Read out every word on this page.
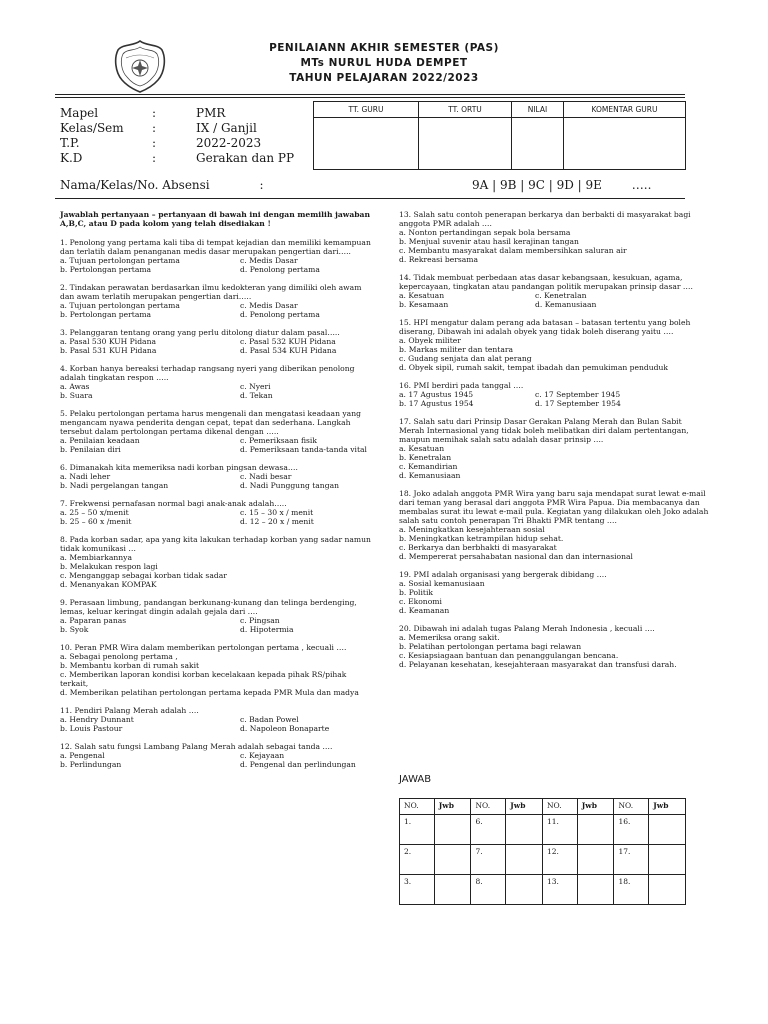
PENILAIANN AKHIR SEMESTER (PAS)
MTs NURUL HUDA DEMPET
TAHUN PELAJARAN 2022/2023
Mapel	:	PMR
Kelas/Sem :	IX / Ganjil
T.P.	:	2022-2023
K.D	:	Gerakan dan PP
TT. GURU	TT. ORTU	NILAI	KOMENTAR GURU

Nama/Kelas/No. Absensi	:	9A | 9B | 9C | 9D | 9E …..
Jawablah pertanyaan – pertanyaan di bawah ini dengan memilih jawaban A,B,C, atau D pada kolom yang telah disediakan !
1. Penolong yang pertama kali tiba di tempat kejadian dan memiliki kemampuan dan terlatih dalam penanganan medis dasar merupakan pengertian dari…..
a. Tujuan pertolongan pertama	c. Medis Dasar
b. Pertolongan pertama	d. Penolong pertama
2. Tindakan perawatan berdasarkan ilmu kedokteran yang dimiliki oleh awam dan awam terlatih merupakan pengertian dari…..
a. Tujuan pertolongan pertama	c. Medis Dasar
b. Pertolongan pertama	d. Penolong pertama
3. Pelanggaran tentang orang yang perlu ditolong diatur dalam pasal…..
a. Pasal 530 KUH Pidana	c. Pasal 532 KUH Pidana
b. Pasal 531 KUH Pidana	d. Pasal 534 KUH Pidana
4. Korban hanya bereaksi terhadap rangsang nyeri yang diberikan penolong adalah tingkatan respon …..
a. Awas	c. Nyeri
b. Suara	d. Tekan
5. Pelaku pertolongan pertama harus mengenali dan mengatasi keadaan yang mengancam nyawa penderita dengan cepat, tepat dan sederhana. Langkah tersebut dalam pertolongan pertama dikenal dengan …..
a. Penilaian keadaan	c. Pemeriksaan fisik
b. Penilaian diri	d. Pemeriksaan tanda-tanda vital
6. Dimanakah kita memeriksa nadi korban pingsan dewasa….
a. Nadi leher	c. Nadi besar
b. Nadi pergelangan tangan	d. Nadi Punggung tangan
7. Frekwensi pernafasan normal bagi anak-anak adalah…..
a. 25 – 50 x/menit	c. 15 – 30 x / menit
b. 25 – 60 x /menit	d. 12 – 20 x / menit
8. Pada korban sadar, apa yang kita lakukan terhadap korban yang sadar namun tidak komunikasi …
a. Membiarkannya
b. Melakukan respon lagi
c. Menganggap sebagai korban tidak sadar
d. Menanyakan KOMPAK
9. Perasaan limbung, pandangan berkunang-kunang dan telinga berdenging, lemas, keluar keringat dingin adalah gejala dari ….
a. Paparan panas	c. Pingsan
b. Syok	d. Hipotermia
10. Peran PMR Wira dalam memberikan pertolongan pertama , kecuali ….
a. Sebagai penolong pertama ,
b. Membantu korban di rumah sakit
c. Memberikan laporan kondisi korban kecelakaan kepada pihak RS/pihak terkait,
d. Memberikan pelatihan pertolongan pertama kepada PMR Mula dan madya
11. Pendiri Palang Merah adalah ….
a. Hendry Dunnant	c. Badan Powel
b. Louis Pastour	d. Napoleon Bonaparte
12. Salah satu fungsi Lambang Palang Merah adalah sebagai tanda ….
a. Pengenal	c. Kejayaan
b. Perlindungan	d. Pengenal dan perlindungan
13. Salah satu contoh penerapan berkarya dan berbakti di masyarakat bagi anggota PMR adalah ….
a. Nonton pertandingan sepak bola bersama
b. Menjual suvenir atau hasil kerajinan tangan
c. Membantu masyarakat dalam membersihkan saluran air
d. Rekreasi bersama
14. Tidak membuat perbedaan atas dasar kebangsaan, kesukuan, agama, kepercayaan, tingkatan atau pandangan politik merupakan prinsip dasar ….
a. Kesatuan	c. Kenetralan
b. Kesamaan	d. Kemanusiaan
15. HPI mengatur dalam perang ada batasan – batasan tertentu yang boleh diserang, Dibawah ini adalah obyek yang tidak boleh diserang yaitu ….
a. Obyek militer
b. Markas militer dan tentara
c. Gudang senjata dan alat perang
d. Obyek sipil, rumah sakit, tempat ibadah dan pemukiman penduduk
16. PMI berdiri pada tanggal ….
a. 17 Agustus 1945	c. 17 September 1945
b. 17 Agustus 1954	d. 17 September 1954
17. Salah satu dari Prinsip Dasar Gerakan Palang Merah dan Bulan Sabit Merah Internasional yang tidak boleh melibatkan diri dalam pertentangan, maupun memihak salah satu adalah dasar prinsip ….
a. Kesatuan
b. Kenetralan
c. Kemandirian
d. Kemanusiaan
18. Joko adalah anggota PMR Wira yang baru saja mendapat surat lewat e-mail dari teman yang berasal dari anggota PMR Wira Papua. Dia membacanya dan membalas surat itu lewat e-mail pula. Kegiatan yang dilakukan oleh Joko adalah salah satu contoh penerapan Tri Bhakti PMR tentang ….
a. Meningkatkan kesejahteraan sosial
b. Meningkatkan ketrampilan hidup sehat.
c. Berkarya dan berbhakti di masyarakat
d. Mempererat persahabatan nasional dan dan internasional
19. PMI adalah organisasi yang bergerak dibidang ….
a. Sosial kemanusiaan
b. Politik
c. Ekonomi
d. Keamanan
20. Dibawah ini adalah tugas Palang Merah Indonesia , kecuali ….
a. Memeriksa orang sakit.
b. Pelatihan pertolongan pertama bagi relawan
c. Kesiapsiagaan bantuan dan penanggulangan bencana.
d. Pelayanan kesehatan, kesejahteraan masyarakat dan transfusi darah.
JAWAB
NO.	Jwb	NO.	Jwb	NO.	Jwb	NO.	Jwb
1.		6.		11.		16.	
2.		7.		12.		17.	
3.		8.		13.		18.	
